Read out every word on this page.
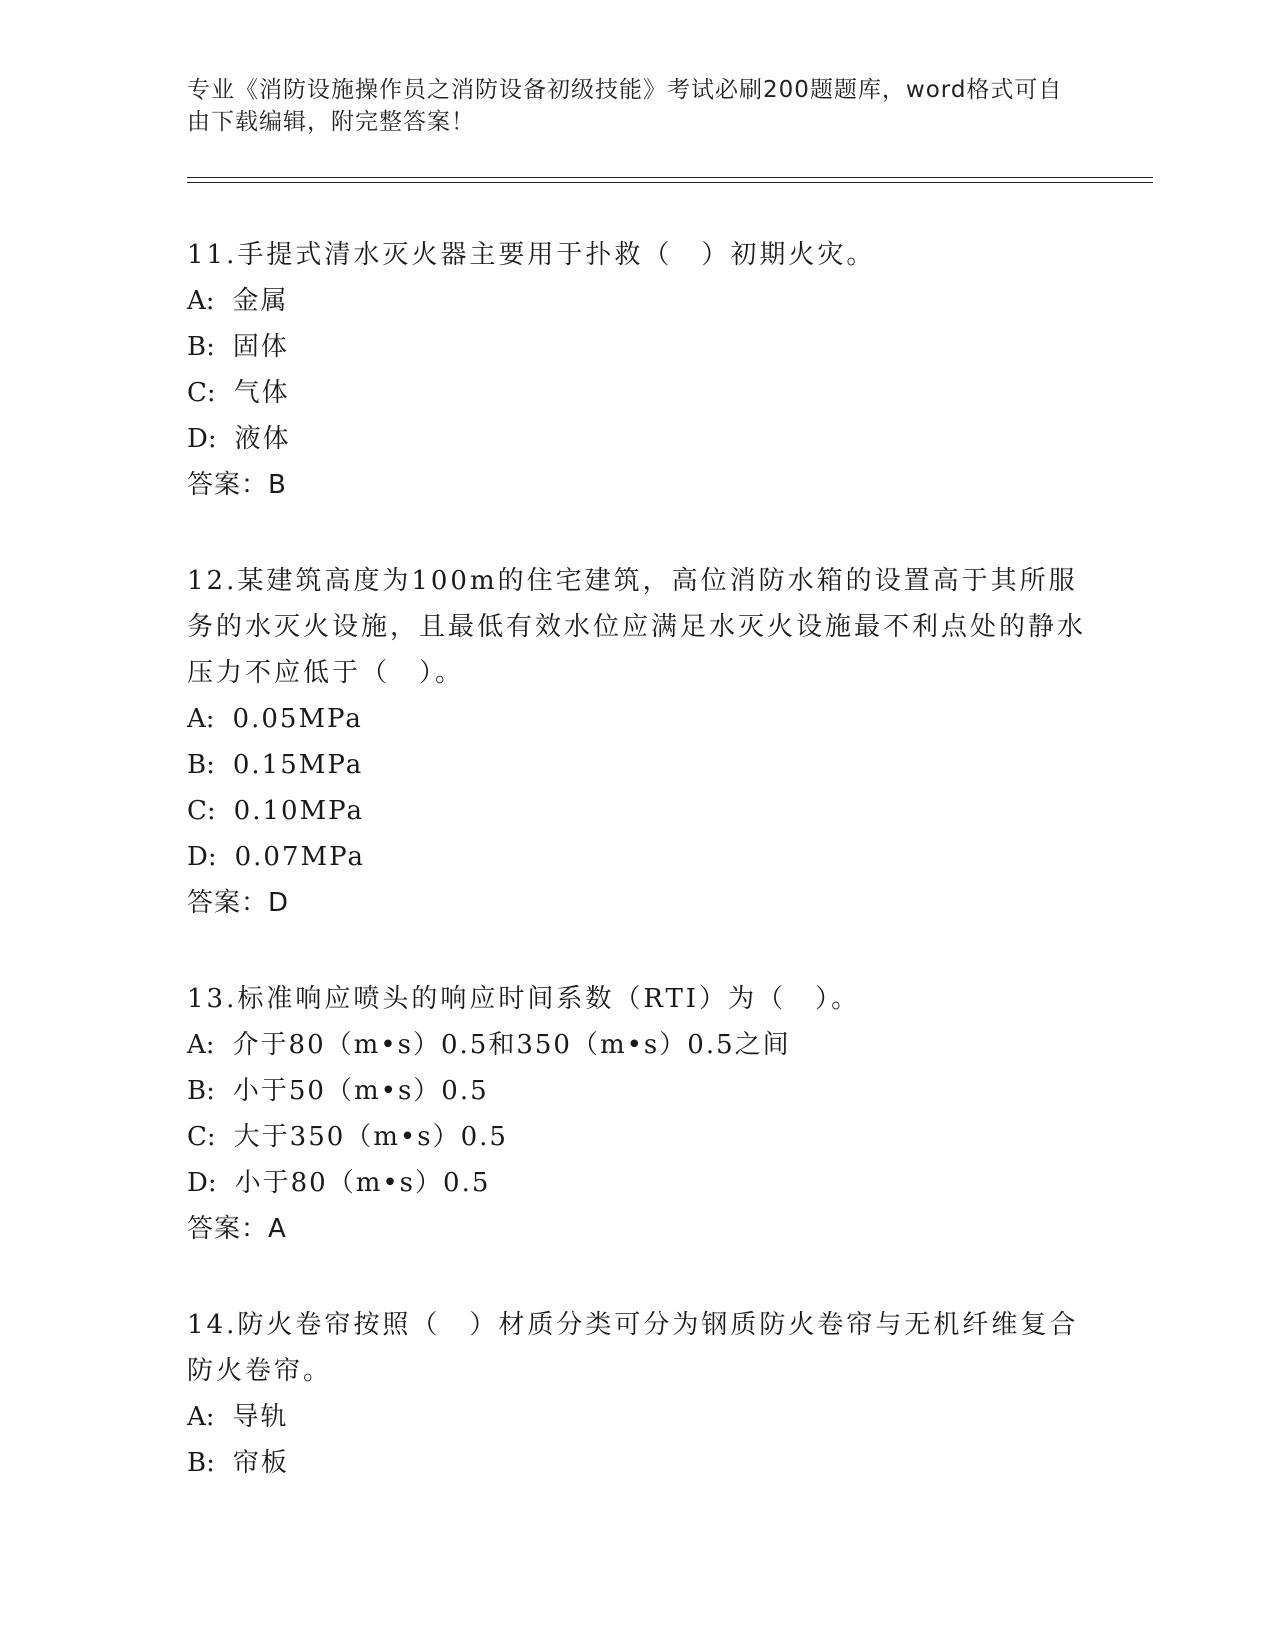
专业《消防设施操作员之消防设备初级技能》考试必刷200题题库，word格式可自由下载编辑，附完整答案！
11.手提式清水灭火器主要用于扑救（　）初期火灾。
A: 金属
B: 固体
C: 气体
D: 液体
答案：B
12.某建筑高度为100m的住宅建筑，高位消防水箱的设置高于其所服务的水灭火设施，且最低有效水位应满足水灭火设施最不利点处的静水压力不应低于（　）。
A: 0.05MPa
B: 0.15MPa
C: 0.10MPa
D: 0.07MPa
答案：D
13.标准响应喷头的响应时间系数（RTI）为（　）。
A: 介于80（m•s）0.5和350（m•s）0.5之间
B: 小于50（m•s）0.5
C: 大于350（m•s）0.5
D: 小于80（m•s）0.5
答案：A
14.防火卷帘按照（　）材质分类可分为钢质防火卷帘与无机纤维复合防火卷帘。
A: 导轨
B: 帘板
